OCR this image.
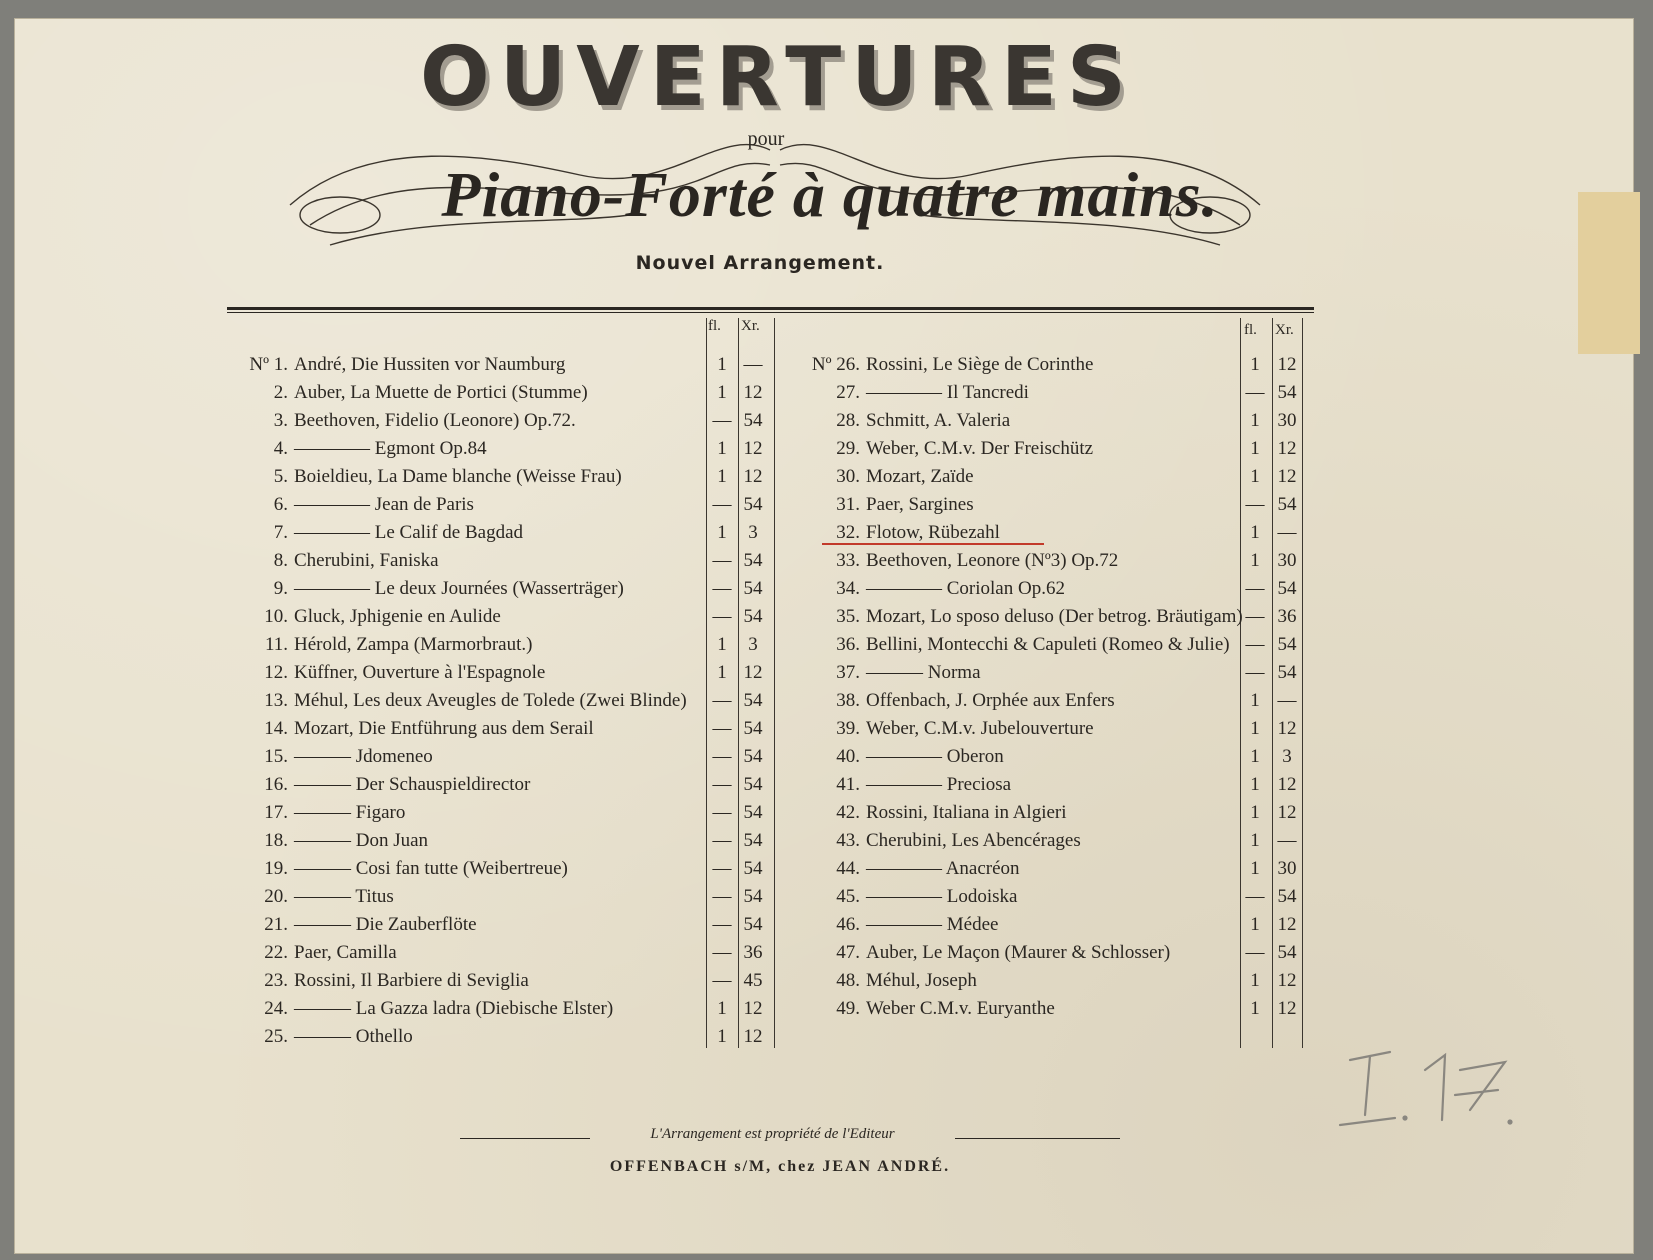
OUVERTURES
pour
Piano-Forté à quatre mains.
Nouvel Arrangement.
fl. Xr.	fl. Xr.
Nº 1. André, Die Hussiten vor Naumburg	1 —
2. Auber, La Muette de Portici (Stumme)	1 12
3. Beethoven, Fidelio (Leonore) Op.72.	— 54
4. ———— Egmont Op.84	1 12
5. Boieldieu, La Dame blanche (Weisse Frau)	1 12
6. ———— Jean de Paris	— 54
7. ———— Le Calif de Bagdad	1	3
8. Cherubini, Faniska	— 54
9. ———— Le deux Journées (Wasserträger)	— 54
10. Gluck, Jphigenie en Aulide	— 54
11. Hérold, Zampa (Marmorbraut.)	1	3
12. Küffner, Ouverture à l'Espagnole	1 12
13. Méhul, Les deux Aveugles de Tolede (Zwei Blinde) — 54
14. Mozart, Die Entführung aus dem Serail	— 54
15. ——— Jdomeneo	— 54
16. ——— Der Schauspieldirector	— 54
17. ——— Figaro	— 54
18. ——— Don Juan	— 54
19. ——— Cosi fan tutte (Weibertreue)	— 54
20. ——— Titus	— 54
21. ——— Die Zauberflöte	— 54
22. Paer, Camilla	— 36
23. Rossini, Il Barbiere di Seviglia	— 45
24. ——— La Gazza ladra (Diebische Elster)	1 12
25. ——— Othello	1 12
Nº 26. Rossini, Le Siège de Corinthe	1 12
27. ———— Il Tancredi	— 54
28. Schmitt, A. Valeria	1 30
29. Weber, C.M.v. Der Freischütz	1 12
30. Mozart, Zaïde	1 12
31. Paer, Sargines	— 54
32. Flotow, Rübezahl	1 —
33. Beethoven, Leonore (Nº3) Op.72	1 30
34. ———— Coriolan Op.62	— 54
35. Mozart, Lo sposo deluso (Der betrog. Bräutigam) — 36
36. Bellini, Montecchi & Capuleti (Romeo & Julie) — 54
37. ——— Norma	— 54
38. Offenbach, J. Orphée aux Enfers	1 —
39. Weber, C.M.v. Jubelouverture	1 12
40. ———— Oberon	1	3
41. ———— Preciosa	1 12
42. Rossini, Italiana in Algieri	1 12
43. Cherubini, Les Abencérages	1 —
44. ———— Anacréon	1 30
45. ———— Lodoiska	— 54
46. ———— Médee	1 12
47. Auber, Le Maçon (Maurer & Schlosser)	— 54
48. Méhul, Joseph	1 12
49. Weber C.M.v. Euryanthe	1 12
L'Arrangement est propriété de l'Editeur
OFFENBACH s/M, chez JEAN ANDRÉ.
